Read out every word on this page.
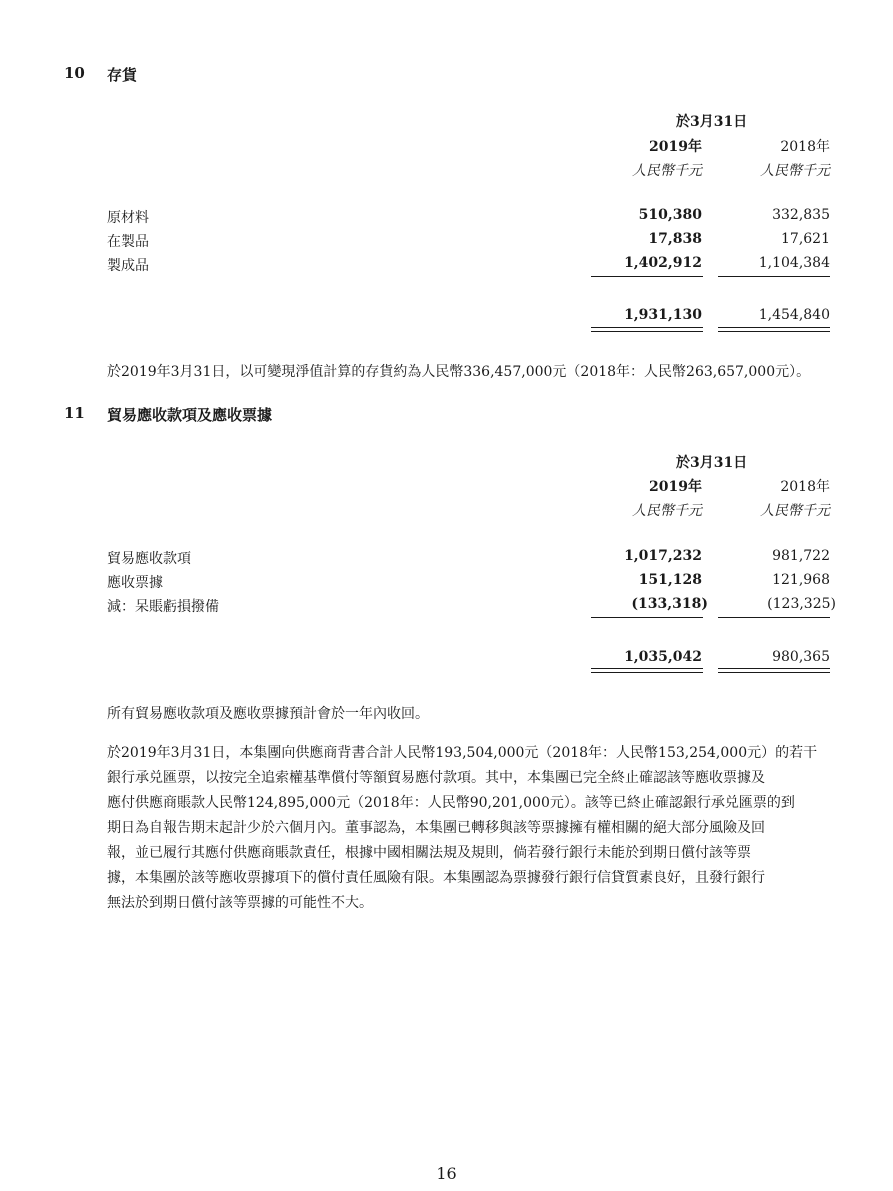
10 存貨
於3月31日
2019年	2018年
人民幣千元	人民幣千元
原材料	510,380	332,835
在製品	17,838	17,621
製成品	1,402,912	1,104,384
1,931,130	1,454,840
於2019年3月31日，以可變現淨值計算的存貨約為人民幣336,457,000元（2018年：人民幣263,657,000元）。
11 貿易應收款項及應收票據
於3月31日
2019年	2018年
人民幣千元	人民幣千元
貿易應收款項	1,017,232	981,722
應收票據	151,128	121,968
減：呆賬虧損撥備	(133,318)	(123,325)
1,035,042	980,365
所有貿易應收款項及應收票據預計會於一年內收回。
於2019年3月31日，本集團向供應商背書合計人民幣193,504,000元（2018年：人民幣153,254,000元）的若干
銀行承兑匯票，以按完全追索權基準償付等額貿易應付款項。其中，本集團已完全終止確認該等應收票據及
應付供應商賬款人民幣124,895,000元（2018年：人民幣90,201,000元）。該等已終止確認銀行承兑匯票的到
期日為自報告期末起計少於六個月內。董事認為，本集團已轉移與該等票據擁有權相關的絕大部分風險及回
報，並已履行其應付供應商賬款責任，根據中國相關法規及規則，倘若發行銀行未能於到期日償付該等票
據，本集團於該等應收票據項下的償付責任風險有限。本集團認為票據發行銀行信貸質素良好，且發行銀行
無法於到期日償付該等票據的可能性不大。
16
